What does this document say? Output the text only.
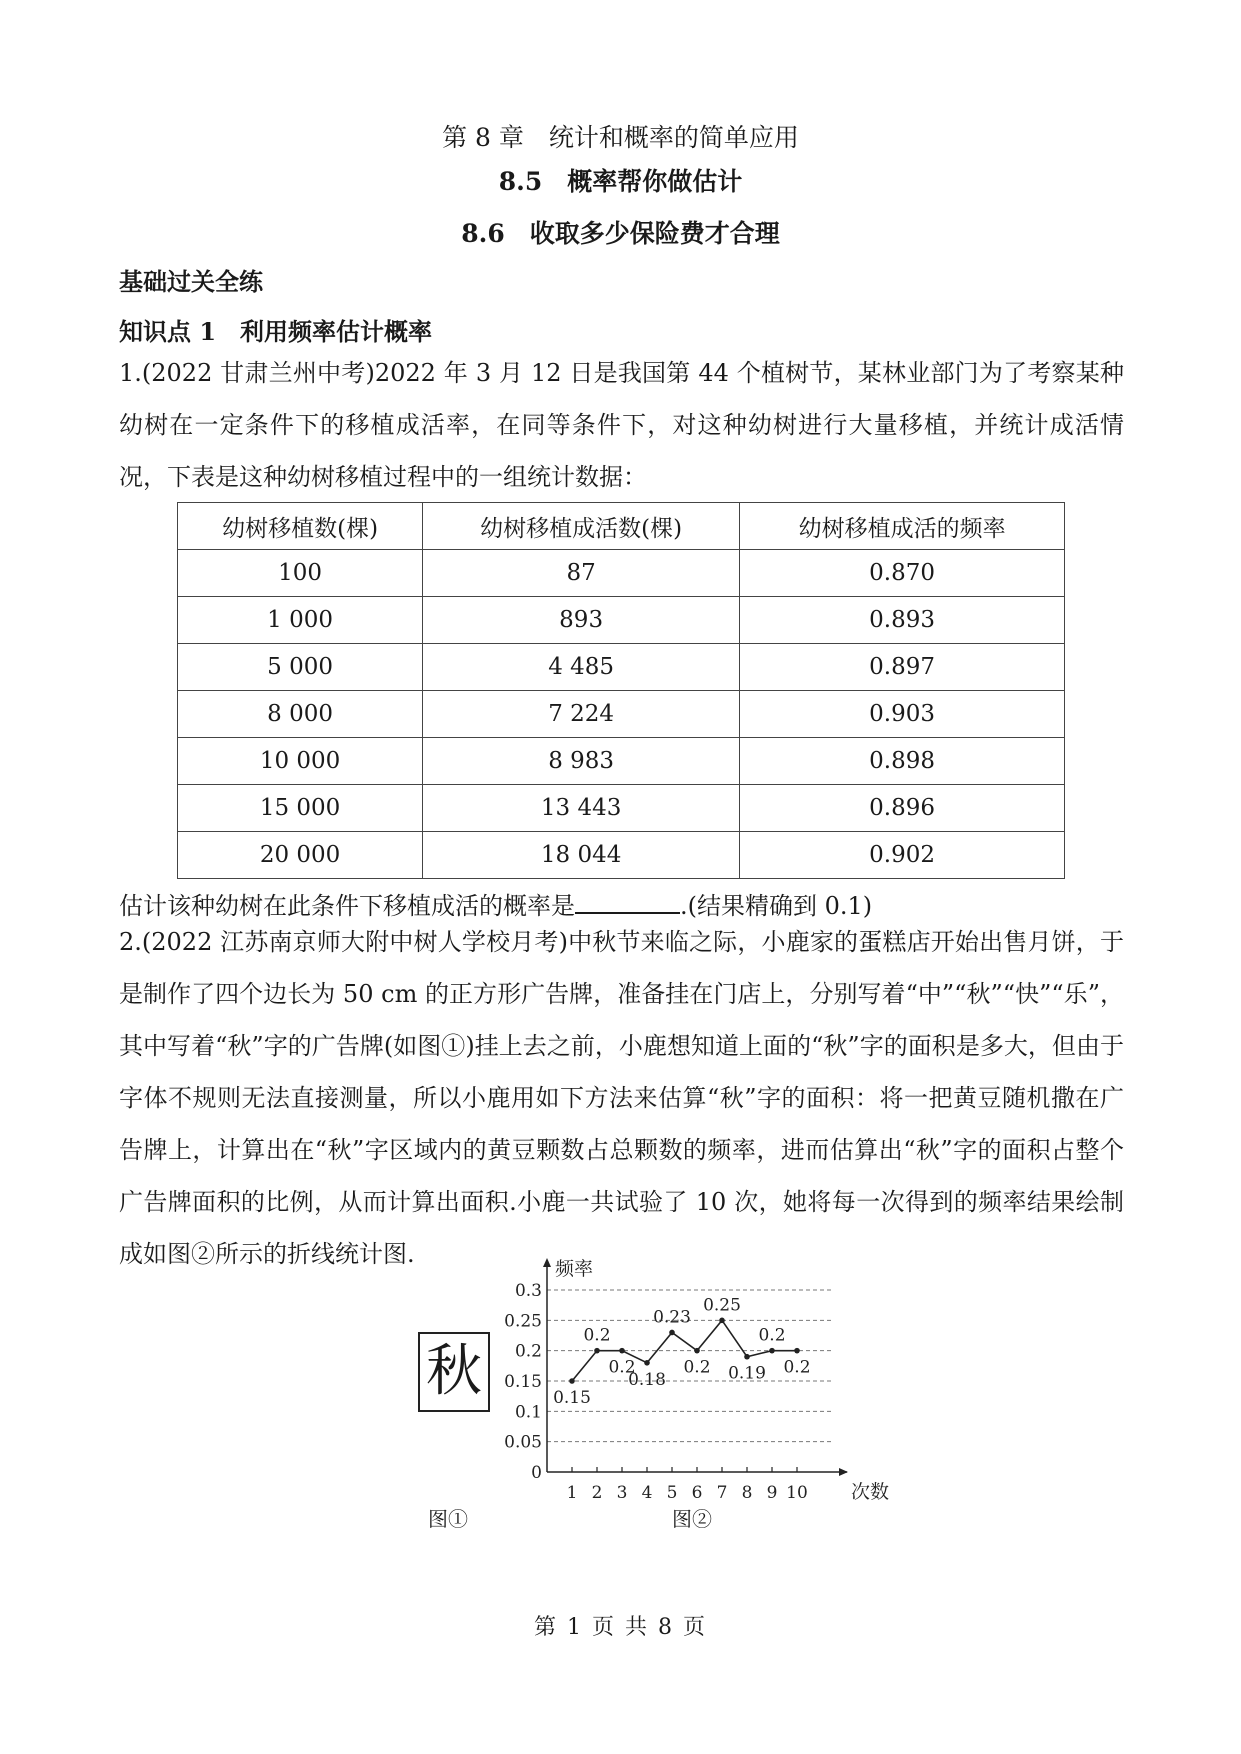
第 8 章　统计和概率的简单应用
8.5　概率帮你做估计
8.6　收取多少保险费才合理
基础过关全练
知识点 1　利用频率估计概率
1.(2022 甘肃兰州中考)2022 年 3 月 12 日是我国第 44 个植树节，某林业部门为了考察某种幼树在一定条件下的移植成活率，在同等条件下，对这种幼树进行大量移植，并统计成活情况，下表是这种幼树移植过程中的一组统计数据：
幼树移植数(棵)	幼树移植成活数(棵)	幼树移植成活的频率
100	87	0.870
1 000	893	0.893
5 000	4 485	0.897
8 000	7 224	0.903
10 000	8 983	0.898
15 000	13 443	0.896
20 000	18 044	0.902
估计该种幼树在此条件下移植成活的概率是	.(结果精确到 0.1)
2.(2022 江苏南京师大附中树人学校月考)中秋节来临之际，小鹿家的蛋糕店开始出售月饼，于是制作了四个边长为 50 cm 的正方形广告牌，准备挂在门店上，分别写着“中”“秋”“快”“乐”，其中写着“秋”字的广告牌(如图①)挂上去之前，小鹿想知道上面的“秋”字的面积是多大，但由于字体不规则无法直接测量，所以小鹿用如下方法来估算“秋”字的面积：将一把黄豆随机撒在广告牌上，计算出在“秋”字区域内的黄豆颗数占总颗数的频率，进而估算出“秋”字的面积占整个广告牌面积的比例，从而计算出面积.小鹿一共试验了 10 次，她将每一次得到的频率结果绘制成如图②所示的折线统计图.
秋
图①
0
0.05
0.1
0.15
0.2
0.25
0.3
1 2 3 4 5 6 7 8 9 10
0.15
0.2
0.2
0.18
0.23
0.2
0.25
0.19
0.2
0.2
频率
次数
图②
第 1 页 共 8 页
